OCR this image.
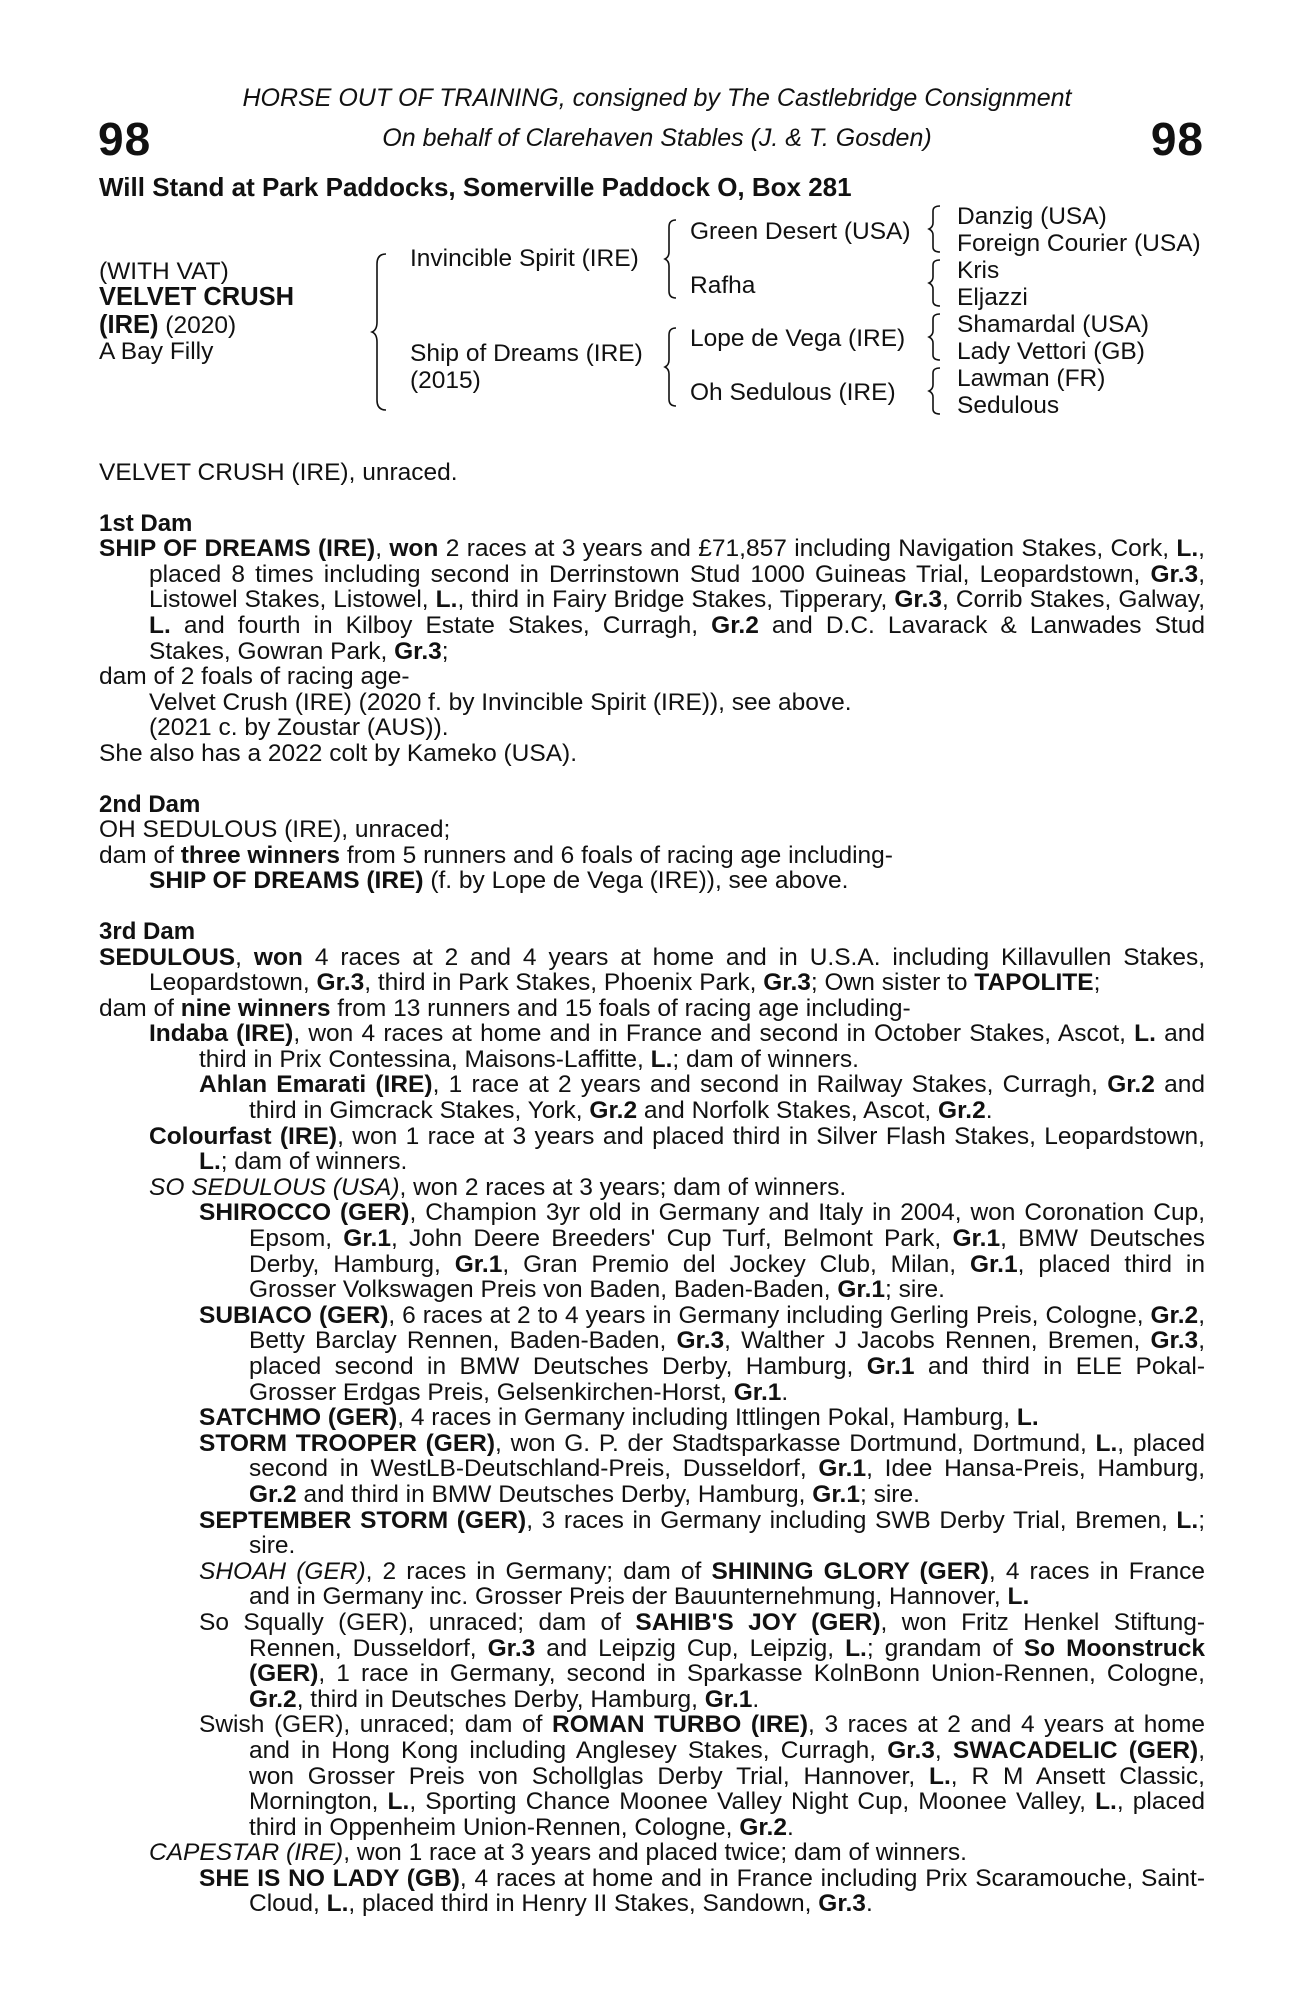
98	98
HORSE OUT OF TRAINING, consigned by The Castlebridge Consignment
On behalf of Clarehaven Stables (J. & T. Gosden)
Will Stand at Park Paddocks, Somerville Paddock O, Box 281
(WITH VAT)
VELVET CRUSH
(IRE) (2020)
A Bay Filly
Invincible Spirit (IRE)
Ship of Dreams (IRE)
(2015)
Green Desert (USA)
Rafha
Lope de Vega (IRE)
Oh Sedulous (IRE)
Danzig (USA)
Foreign Courier (USA)
Kris
Eljazzi
Shamardal (USA)
Lady Vettori (GB)
Lawman (FR)
Sedulous
VELVET CRUSH (IRE), unraced.
1st Dam
SHIP OF DREAMS (IRE), won 2 races at 3 years and £71,857 including Navigation Stakes, Cork, L., placed 8 times including second in Derrinstown Stud 1000 Guineas Trial, Leopardstown, Gr.3, Listowel Stakes, Listowel, L., third in Fairy Bridge Stakes, Tipperary, Gr.3, Corrib Stakes, Galway, L. and fourth in Kilboy Estate Stakes, Curragh, Gr.2 and D.C. Lavarack & Lanwades Stud Stakes, Gowran Park, Gr.3;
dam of 2 foals of racing age-
Velvet Crush (IRE) (2020 f. by Invincible Spirit (IRE)), see above.
(2021 c. by Zoustar (AUS)).
She also has a 2022 colt by Kameko (USA).
2nd Dam
OH SEDULOUS (IRE), unraced;
dam of three winners from 5 runners and 6 foals of racing age including-
SHIP OF DREAMS (IRE) (f. by Lope de Vega (IRE)), see above.
3rd Dam
SEDULOUS, won 4 races at 2 and 4 years at home and in U.S.A. including Killavullen Stakes, Leopardstown, Gr.3, third in Park Stakes, Phoenix Park, Gr.3; Own sister to TAPOLITE;
dam of nine winners from 13 runners and 15 foals of racing age including-
Indaba (IRE), won 4 races at home and in France and second in October Stakes, Ascot, L. and third in Prix Contessina, Maisons-Laffitte, L.; dam of winners.
Ahlan Emarati (IRE), 1 race at 2 years and second in Railway Stakes, Curragh, Gr.2 and third in Gimcrack Stakes, York, Gr.2 and Norfolk Stakes, Ascot, Gr.2.
Colourfast (IRE), won 1 race at 3 years and placed third in Silver Flash Stakes, Leopardstown, L.; dam of winners.
SO SEDULOUS (USA), won 2 races at 3 years; dam of winners.
SHIROCCO (GER), Champion 3yr old in Germany and Italy in 2004, won Coronation Cup, Epsom, Gr.1, John Deere Breeders' Cup Turf, Belmont Park, Gr.1, BMW Deutsches Derby, Hamburg, Gr.1, Gran Premio del Jockey Club, Milan, Gr.1, placed third in Grosser Volkswagen Preis von Baden, Baden-Baden, Gr.1; sire.
SUBIACO (GER), 6 races at 2 to 4 years in Germany including Gerling Preis, Cologne, Gr.2, Betty Barclay Rennen, Baden-Baden, Gr.3, Walther J Jacobs Rennen, Bremen, Gr.3, placed second in BMW Deutsches Derby, Hamburg, Gr.1 and third in ELE Pokal-Grosser Erdgas Preis, Gelsenkirchen-Horst, Gr.1.
SATCHMO (GER), 4 races in Germany including Ittlingen Pokal, Hamburg, L.
STORM TROOPER (GER), won G. P. der Stadtsparkasse Dortmund, Dortmund, L., placed second in WestLB-Deutschland-Preis, Dusseldorf, Gr.1, Idee Hansa-Preis, Hamburg, Gr.2 and third in BMW Deutsches Derby, Hamburg, Gr.1; sire.
SEPTEMBER STORM (GER), 3 races in Germany including SWB Derby Trial, Bremen, L.; sire.
SHOAH (GER), 2 races in Germany; dam of SHINING GLORY (GER), 4 races in France and in Germany inc. Grosser Preis der Bauunternehmung, Hannover, L.
So Squally (GER), unraced; dam of SAHIB'S JOY (GER), won Fritz Henkel Stiftung-Rennen, Dusseldorf, Gr.3 and Leipzig Cup, Leipzig, L.; grandam of So Moonstruck (GER), 1 race in Germany, second in Sparkasse KolnBonn Union-Rennen, Cologne, Gr.2, third in Deutsches Derby, Hamburg, Gr.1.
Swish (GER), unraced; dam of ROMAN TURBO (IRE), 3 races at 2 and 4 years at home and in Hong Kong including Anglesey Stakes, Curragh, Gr.3, SWACADELIC (GER), won Grosser Preis von Schollglas Derby Trial, Hannover, L., R M Ansett Classic, Mornington, L., Sporting Chance Moonee Valley Night Cup, Moonee Valley, L., placed third in Oppenheim Union-Rennen, Cologne, Gr.2.
CAPESTAR (IRE), won 1 race at 3 years and placed twice; dam of winners.
SHE IS NO LADY (GB), 4 races at home and in France including Prix Scaramouche, Saint-Cloud, L., placed third in Henry II Stakes, Sandown, Gr.3.
